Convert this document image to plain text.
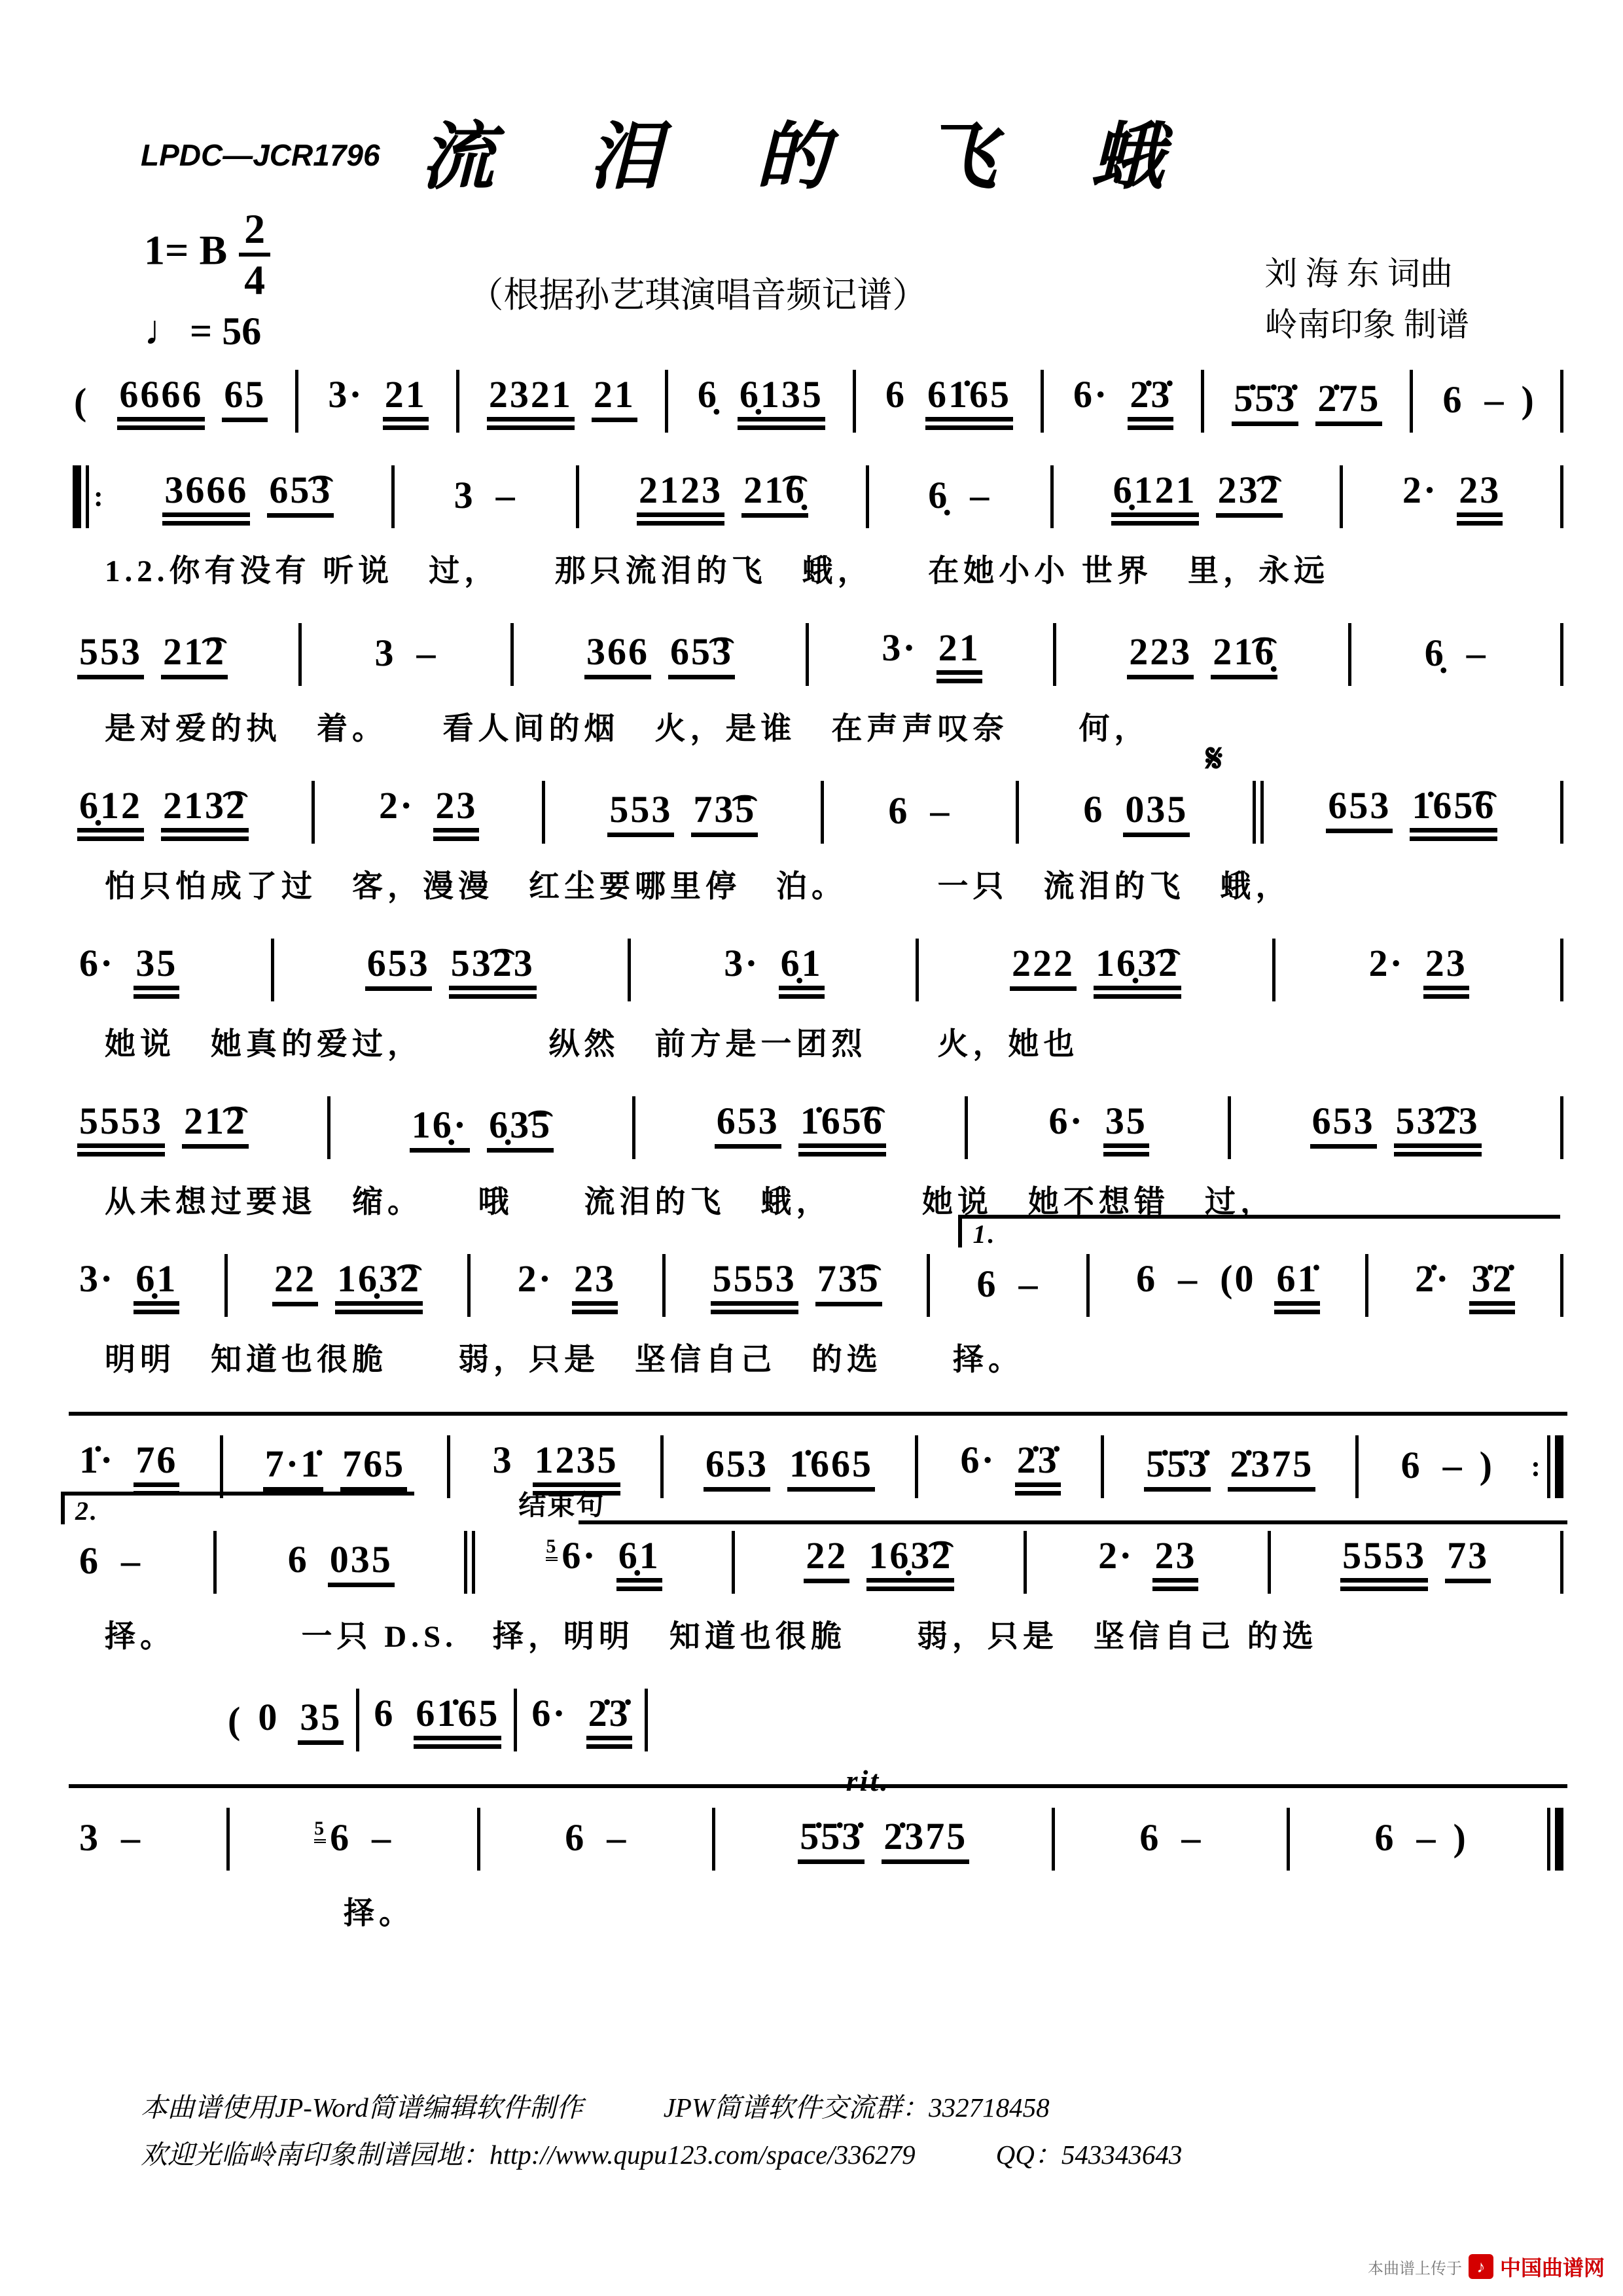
LPDC—JCR1796 流 泪 的 飞 蛾
1= B $\frac{2}{4}$
♩ = 56
（根据孙艺琪演唱音频记谱）
刘 海 东 词曲
岭南印象 制谱
( 6666 65 3· 21 2321 21 6̣ 6̣135 6 61̇65 6· 2̇3̇ 5̇5̇3̇ 2̇75 6 – )
: 3666 65͡3	3 –	2123 21͡6̣	6̣ –	6̣121 23͡2	2· 23
1.2.你有没有 听说　过，　　那只流泪的飞　蛾，　　在她小小 世界　里，永远
553 21͡2	3 –	366 65͡3	3· 21	223 21͡6̣	6̣ –
是对爱的执　着。　　看人间的烟　火，是谁　在声声叹奈　　何，
6̣12 213͡2	2· 23	553 73͡5	6 –
𝄋
6 035	653 1̇65͡6
怕只怕成了过　客，漫漫　红尘要哪里停　泊。　　　一只　流泪的飞　蛾，
6· 35	653 53͡23	3· 6̣1	222 16̣3͡2	2· 23
她说　她真的爱过，　　　　纵然　前方是一团烈　　火，她也
5553 21͡2	16̣· 6̣3͡5	653 1̇65͡6	6· 35	653 53͡23
从未想过要退　缩。　　哦　　流泪的飞　蛾，　　　她说　她不想错　过，
3· 6̣1	22 16̣3͡2	2· 23	5553 73͡5
1.
6 –	6 – (0 61̇	2̇· 3̇2̇
明明　知道也很脆　　弱，只是　坚信自己　的选　　择。
1̇· 76 7·1̇ 765 3 1235 653 1̇665 6· 2̇3̇ 5̇5̇3̇ 2̇375 6 – ) :
2.
6 –	6 035
结束句
$^5$ 6· 6̣1	22 16̣3͡2	2· 23	5553 73
择。　　　　一只 D.S.　择，明明　知道也很脆　　弱，只是　坚信自己 的选
( 0 35 6 61̇65 6· 2̇3̇
3 –	$^5$ 6 –	6 –
rit.
5̇5̇3̇ 2̇375	6 –	6 – )
择。
本曲谱使用JP-Word简谱编辑软件制作　　　JPW简谱软件交流群：332718458
欢迎光临岭南印象制谱园地：http://www.qupu123.com/space/336279　　　QQ：543343643
本曲谱上传于 ♪ 中国曲谱网
